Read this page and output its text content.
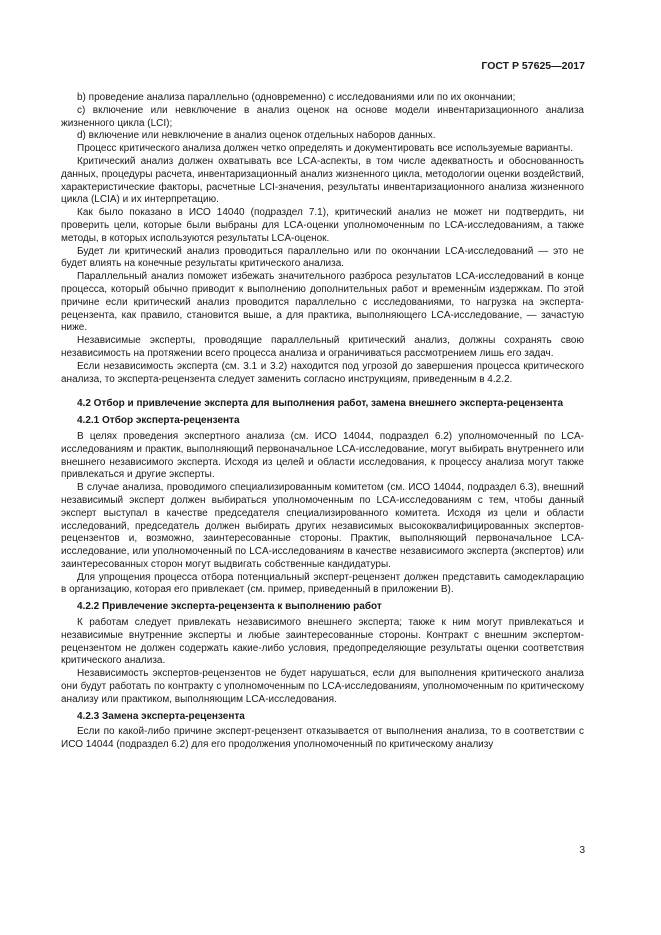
ГОСТ Р 57625—2017

b) проведение анализа параллельно (одновременно) с исследованиями или по их окончании;

c) включение или невключение в анализ оценок на основе модели инвентаризационного анализа жизненного цикла (LCI);

d) включение или невключение в анализ оценок отдельных наборов данных.

Процесс критического анализа должен четко определять и документировать все используемые варианты.

Критический анализ должен охватывать все LCA-аспекты, в том числе адекватность и обоснованность данных, процедуры расчета, инвентаризационный анализ жизненного цикла, методологии оценки воздействий, характеристические факторы, расчетные LCI-значения, результаты инвентаризационного анализа жизненного цикла (LCIA) и их интерпретацию.

Как было показано в ИСО 14040 (подраздел 7.1), критический анализ не может ни подтвердить, ни проверить цели, которые были выбраны для LCA-оценки уполномоченным по LCA-исследованиям, а также методы, в которых используются результаты LCA-оценок.

Будет ли критический анализ проводиться параллельно или по окончании LCA-исследований — это не будет влиять на конечные результаты критического анализа.

Параллельный анализ поможет избежать значительного разброса результатов LCA-исследований в конце процесса, который обычно приводит к выполнению дополнительных работ и временны́м издержкам. По этой причине если критический анализ проводится параллельно с исследованиями, то нагрузка на эксперта-рецензента, как правило, становится выше, а для практика, выполняющего LCA-исследование, — зачастую ниже.

Независимые эксперты, проводящие параллельный критический анализ, должны сохранять свою независимость на протяжении всего процесса анализа и ограничиваться рассмотрением лишь его задач.

Если независимость эксперта (см. 3.1 и 3.2) находится под угрозой до завершения процесса критического анализа, то эксперта-рецензента следует заменить согласно инструкциям, приведенным в 4.2.2.

4.2 Отбор и привлечение эксперта для выполнения работ, замена внешнего эксперта-рецензента
4.2.1 Отбор эксперта-рецензента

В целях проведения экспертного анализа (см. ИСО 14044, подраздел 6.2) уполномоченный по LCA-исследованиям и практик, выполняющий первоначальное LCA-исследование, могут выбирать внутреннего или внешнего независимого эксперта. Исходя из целей и области исследования, к процессу анализа могут также привлекаться и другие эксперты.

В случае анализа, проводимого специализированным комитетом (см. ИСО 14044, подраздел 6.3), внешний независимый эксперт должен выбираться уполномоченным по LCA-исследованиям с тем, чтобы данный эксперт выступал в качестве председателя специализированного комитета. Исходя из цели и области исследований, председатель должен выбирать других независимых высококвалифицированных экспертов-рецензентов и, возможно, заинтересованные стороны. Практик, выполняющий первоначальное LCA-исследование, или уполномоченный по LCA-исследованиям в качестве независимого эксперта (экспертов) или заинтересованных сторон могут выдвигать собственные кандидатуры.

Для упрощения процесса отбора потенциальный эксперт-рецензент должен представить самодекларацию в организацию, которая его привлекает (см. пример, приведенный в приложении В).

4.2.2 Привлечение эксперта-рецензента к выполнению работ

К работам следует привлекать независимого внешнего эксперта; также к ним могут привлекаться и независимые внутренние эксперты и любые заинтересованные стороны. Контракт с внешним экспертом-рецензентом не должен содержать какие-либо условия, предопределяющие результаты оценки соответствия критического анализа.

Независимость экспертов-рецензентов не будет нарушаться, если для выполнения критического анализа они будут работать по контракту с уполномоченным по LCA-исследованиям, уполномоченным по критическому анализу или практиком, выполняющим LCA-исследования.

4.2.3 Замена эксперта-рецензента

Если по какой-либо причине эксперт-рецензент отказывается от выполнения анализа, то в соответствии с ИСО 14044 (подраздел 6.2) для его продолжения уполномоченный по критическому анализу

3
